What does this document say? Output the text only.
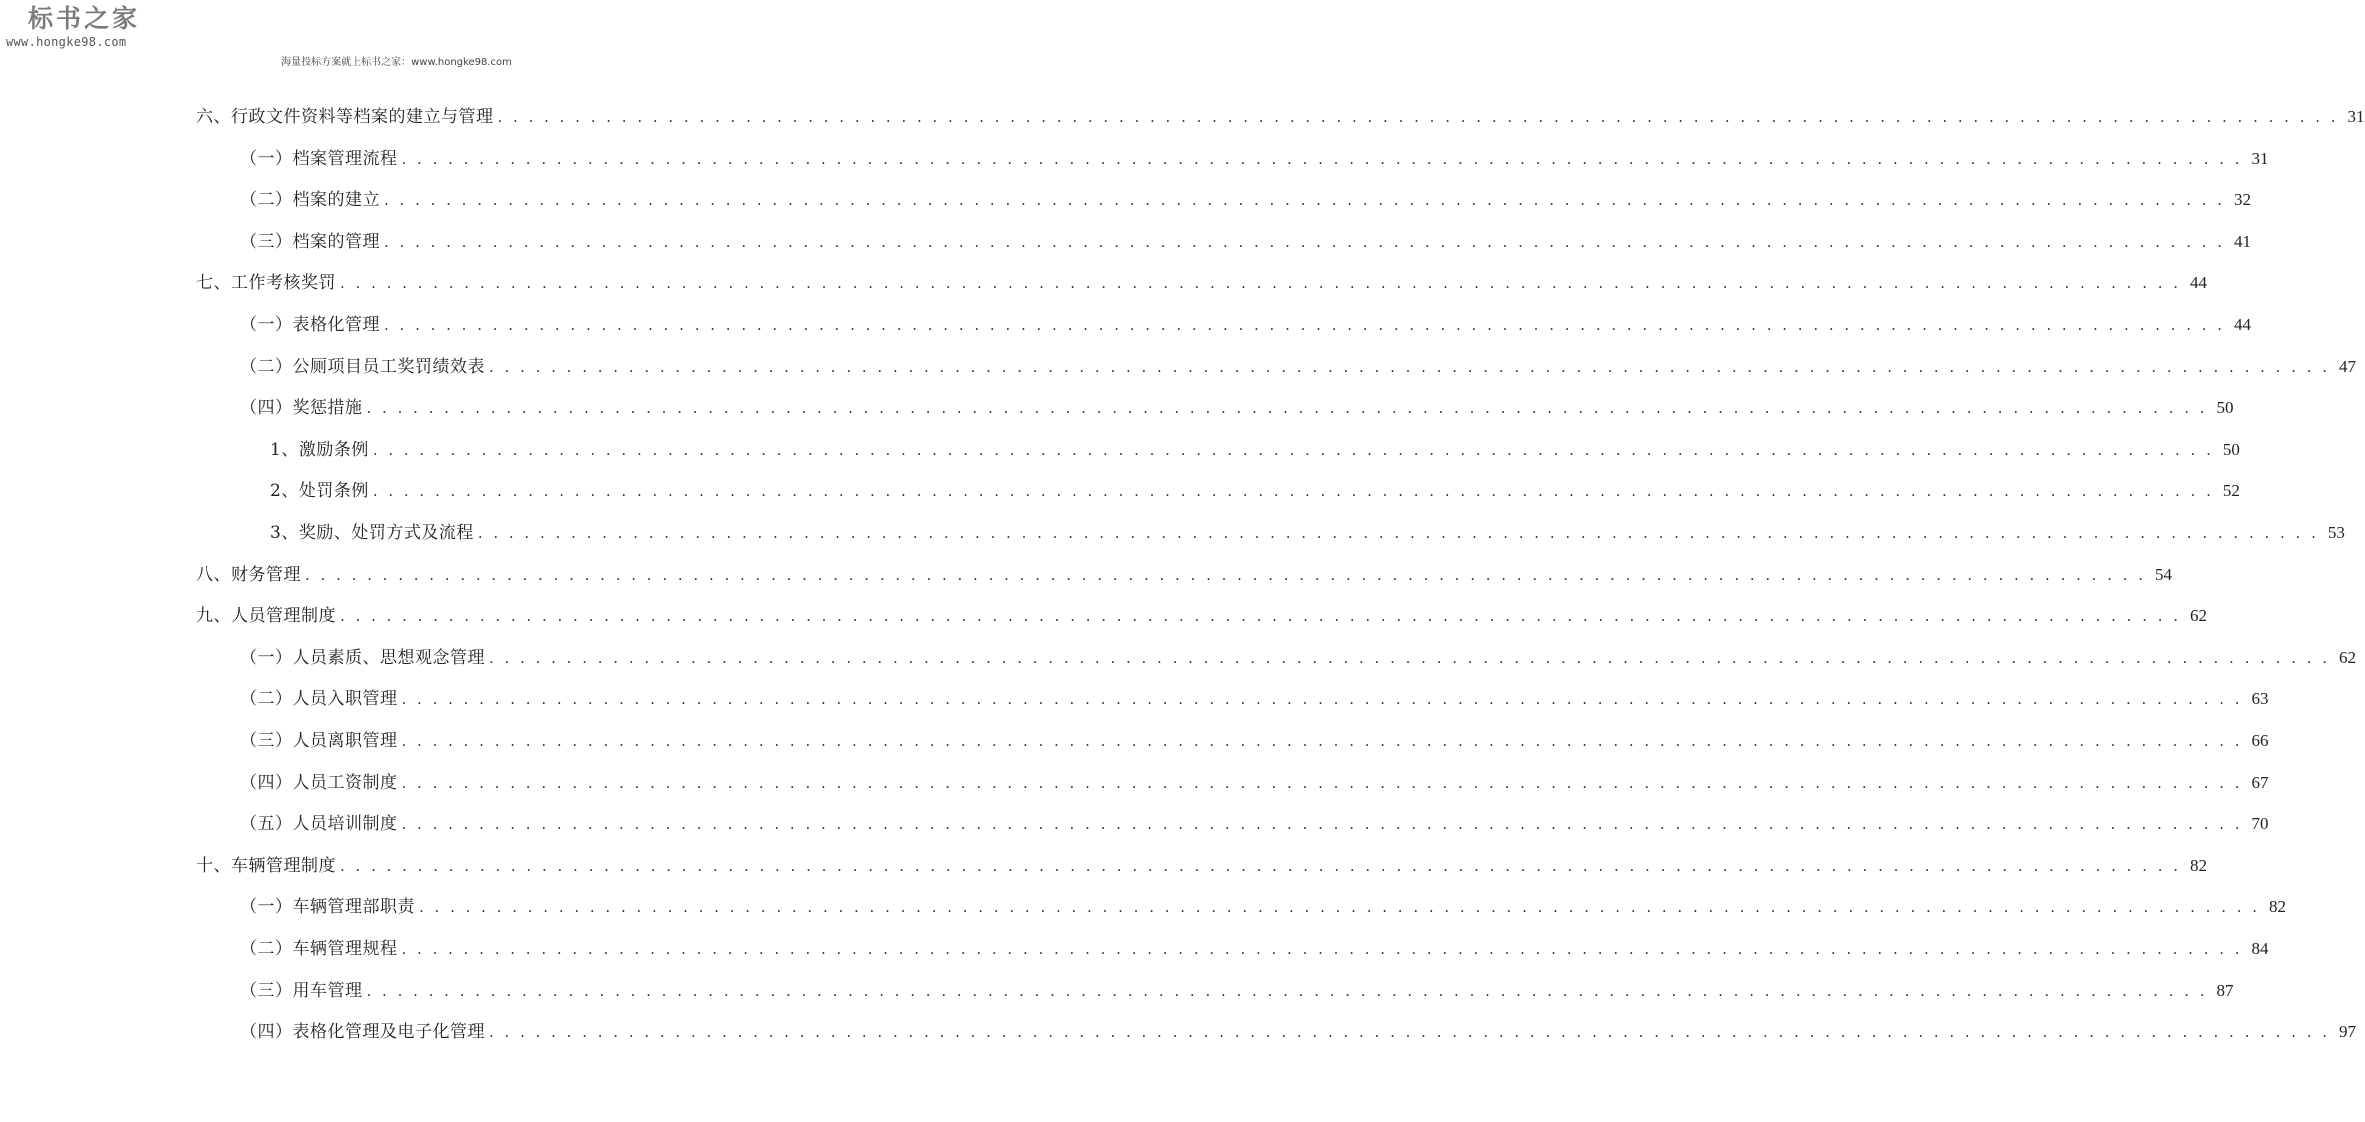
标书之家
www.hongke98.com
海量投标方案就上标书之家：www.hongke98.com
六、行政文件资料等档案的建立与管理 . . . . . . . . . . . . . . . . . . . . . . . . . . . . . . . . . . . . . . . . . . . . . . . . . . . . . . . . . . . . . . . . . . . . . . . . . . . . . . . . . . . . . . . . . . . . . . . . . . . . . . . . . . . . . . . . . . . . . . . 31
（一）档案管理流程 . . . . . . . . . . . . . . . . . . . . . . . . . . . . . . . . . . . . . . . . . . . . . . . . . . . . . . . . . . . . . . . . . . . . . . . . . . . . . . . . . . . . . . . . . . . . . . . . . . . . . . . . . . . . . . . . . . . . . . . 31
（二）档案的建立 . . . . . . . . . . . . . . . . . . . . . . . . . . . . . . . . . . . . . . . . . . . . . . . . . . . . . . . . . . . . . . . . . . . . . . . . . . . . . . . . . . . . . . . . . . . . . . . . . . . . . . . . . . . . . . . . . . . . . . . 32
（三）档案的管理 . . . . . . . . . . . . . . . . . . . . . . . . . . . . . . . . . . . . . . . . . . . . . . . . . . . . . . . . . . . . . . . . . . . . . . . . . . . . . . . . . . . . . . . . . . . . . . . . . . . . . . . . . . . . . . . . . . . . . . . 41
七、工作考核奖罚 . . . . . . . . . . . . . . . . . . . . . . . . . . . . . . . . . . . . . . . . . . . . . . . . . . . . . . . . . . . . . . . . . . . . . . . . . . . . . . . . . . . . . . . . . . . . . . . . . . . . . . . . . . . . . . . . . . . . . . . 44
（一）表格化管理 . . . . . . . . . . . . . . . . . . . . . . . . . . . . . . . . . . . . . . . . . . . . . . . . . . . . . . . . . . . . . . . . . . . . . . . . . . . . . . . . . . . . . . . . . . . . . . . . . . . . . . . . . . . . . . . . . . . . . . . 44
（二）公厕项目员工奖罚绩效表 . . . . . . . . . . . . . . . . . . . . . . . . . . . . . . . . . . . . . . . . . . . . . . . . . . . . . . . . . . . . . . . . . . . . . . . . . . . . . . . . . . . . . . . . . . . . . . . . . . . . . . . . . . . . . . . . . . . . . . . 47
（四）奖惩措施 . . . . . . . . . . . . . . . . . . . . . . . . . . . . . . . . . . . . . . . . . . . . . . . . . . . . . . . . . . . . . . . . . . . . . . . . . . . . . . . . . . . . . . . . . . . . . . . . . . . . . . . . . . . . . . . . . . . . . . . 50
1、激励条例 . . . . . . . . . . . . . . . . . . . . . . . . . . . . . . . . . . . . . . . . . . . . . . . . . . . . . . . . . . . . . . . . . . . . . . . . . . . . . . . . . . . . . . . . . . . . . . . . . . . . . . . . . . . . . . . . . . . . . . . 50
2、处罚条例 . . . . . . . . . . . . . . . . . . . . . . . . . . . . . . . . . . . . . . . . . . . . . . . . . . . . . . . . . . . . . . . . . . . . . . . . . . . . . . . . . . . . . . . . . . . . . . . . . . . . . . . . . . . . . . . . . . . . . . . 52
3、奖励、处罚方式及流程 . . . . . . . . . . . . . . . . . . . . . . . . . . . . . . . . . . . . . . . . . . . . . . . . . . . . . . . . . . . . . . . . . . . . . . . . . . . . . . . . . . . . . . . . . . . . . . . . . . . . . . . . . . . . . . . . . . . . . . . 53
八、财务管理 . . . . . . . . . . . . . . . . . . . . . . . . . . . . . . . . . . . . . . . . . . . . . . . . . . . . . . . . . . . . . . . . . . . . . . . . . . . . . . . . . . . . . . . . . . . . . . . . . . . . . . . . . . . . . . . . . . . . . . . 54
九、人员管理制度 . . . . . . . . . . . . . . . . . . . . . . . . . . . . . . . . . . . . . . . . . . . . . . . . . . . . . . . . . . . . . . . . . . . . . . . . . . . . . . . . . . . . . . . . . . . . . . . . . . . . . . . . . . . . . . . . . . . . . . . 62
（一）人员素质、思想观念管理 . . . . . . . . . . . . . . . . . . . . . . . . . . . . . . . . . . . . . . . . . . . . . . . . . . . . . . . . . . . . . . . . . . . . . . . . . . . . . . . . . . . . . . . . . . . . . . . . . . . . . . . . . . . . . . . . . . . . . . . 62
（二）人员入职管理 . . . . . . . . . . . . . . . . . . . . . . . . . . . . . . . . . . . . . . . . . . . . . . . . . . . . . . . . . . . . . . . . . . . . . . . . . . . . . . . . . . . . . . . . . . . . . . . . . . . . . . . . . . . . . . . . . . . . . . . 63
（三）人员离职管理 . . . . . . . . . . . . . . . . . . . . . . . . . . . . . . . . . . . . . . . . . . . . . . . . . . . . . . . . . . . . . . . . . . . . . . . . . . . . . . . . . . . . . . . . . . . . . . . . . . . . . . . . . . . . . . . . . . . . . . . 66
（四）人员工资制度 . . . . . . . . . . . . . . . . . . . . . . . . . . . . . . . . . . . . . . . . . . . . . . . . . . . . . . . . . . . . . . . . . . . . . . . . . . . . . . . . . . . . . . . . . . . . . . . . . . . . . . . . . . . . . . . . . . . . . . . 67
（五）人员培训制度 . . . . . . . . . . . . . . . . . . . . . . . . . . . . . . . . . . . . . . . . . . . . . . . . . . . . . . . . . . . . . . . . . . . . . . . . . . . . . . . . . . . . . . . . . . . . . . . . . . . . . . . . . . . . . . . . . . . . . . . 70
十、车辆管理制度 . . . . . . . . . . . . . . . . . . . . . . . . . . . . . . . . . . . . . . . . . . . . . . . . . . . . . . . . . . . . . . . . . . . . . . . . . . . . . . . . . . . . . . . . . . . . . . . . . . . . . . . . . . . . . . . . . . . . . . . 82
（一）车辆管理部职责 . . . . . . . . . . . . . . . . . . . . . . . . . . . . . . . . . . . . . . . . . . . . . . . . . . . . . . . . . . . . . . . . . . . . . . . . . . . . . . . . . . . . . . . . . . . . . . . . . . . . . . . . . . . . . . . . . . . . . . . 82
（二）车辆管理规程 . . . . . . . . . . . . . . . . . . . . . . . . . . . . . . . . . . . . . . . . . . . . . . . . . . . . . . . . . . . . . . . . . . . . . . . . . . . . . . . . . . . . . . . . . . . . . . . . . . . . . . . . . . . . . . . . . . . . . . . 84
（三）用车管理 . . . . . . . . . . . . . . . . . . . . . . . . . . . . . . . . . . . . . . . . . . . . . . . . . . . . . . . . . . . . . . . . . . . . . . . . . . . . . . . . . . . . . . . . . . . . . . . . . . . . . . . . . . . . . . . . . . . . . . . 87
（四）表格化管理及电子化管理 . . . . . . . . . . . . . . . . . . . . . . . . . . . . . . . . . . . . . . . . . . . . . . . . . . . . . . . . . . . . . . . . . . . . . . . . . . . . . . . . . . . . . . . . . . . . . . . . . . . . . . . . . . . . . . . . . . . . . . . 97
